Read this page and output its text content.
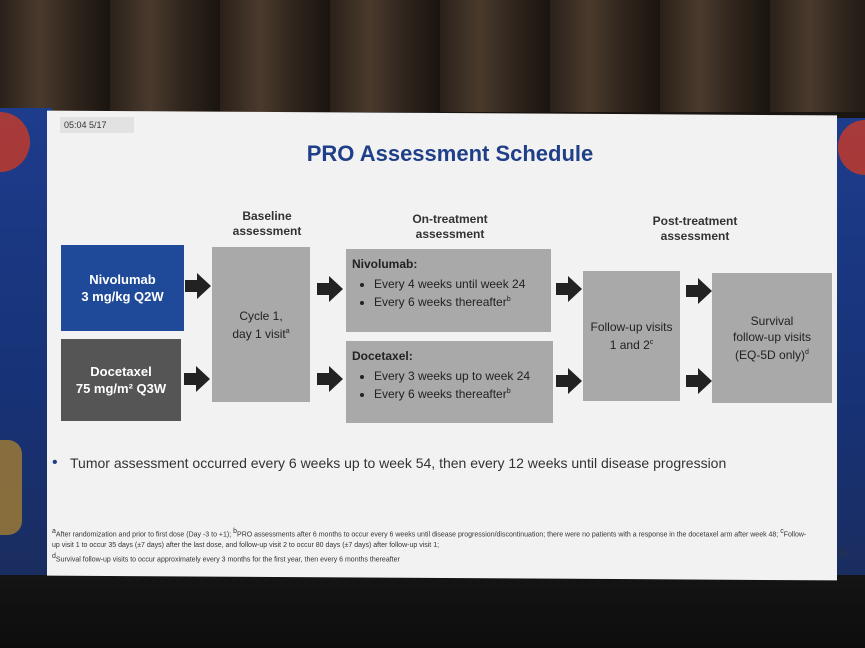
05:04 5/17
PRO Assessment Schedule
Baseline assessment
On-treatment assessment
Post-treatment assessment
Nivolumab
3 mg/kg Q2W
Docetaxel
75 mg/m² Q3W
Cycle 1,
day 1 visit$^a$
Nivolumab:
• Every 4 weeks until week 24
• Every 6 weeks thereafter$^b$
Docetaxel:
• Every 3 weeks up to week 24
• Every 6 weeks thereafter$^b$
Follow-up visits
1 and 2$^c$
Survival
follow-up visits
(EQ-5D only)$^d$
• Tumor assessment occurred every 6 weeks up to week 54, then every 12 weeks until disease progression
$^a$After randomization and prior to first dose (Day -3 to +1); $^b$PRO assessments after 6 months to occur every 6 weeks until disease progression/discontinuation; there were no patients with a response in the docetaxel arm after week 48; $^c$Follow-up visit 1 to occur 35 days (±7 days) after the last dose, and follow-up visit 2 to occur 80 days (±7 days) after follow-up visit 1;
$^d$Survival follow-up visits to occur approximately every 3 months for the first year, then every 6 months thereafter
5
